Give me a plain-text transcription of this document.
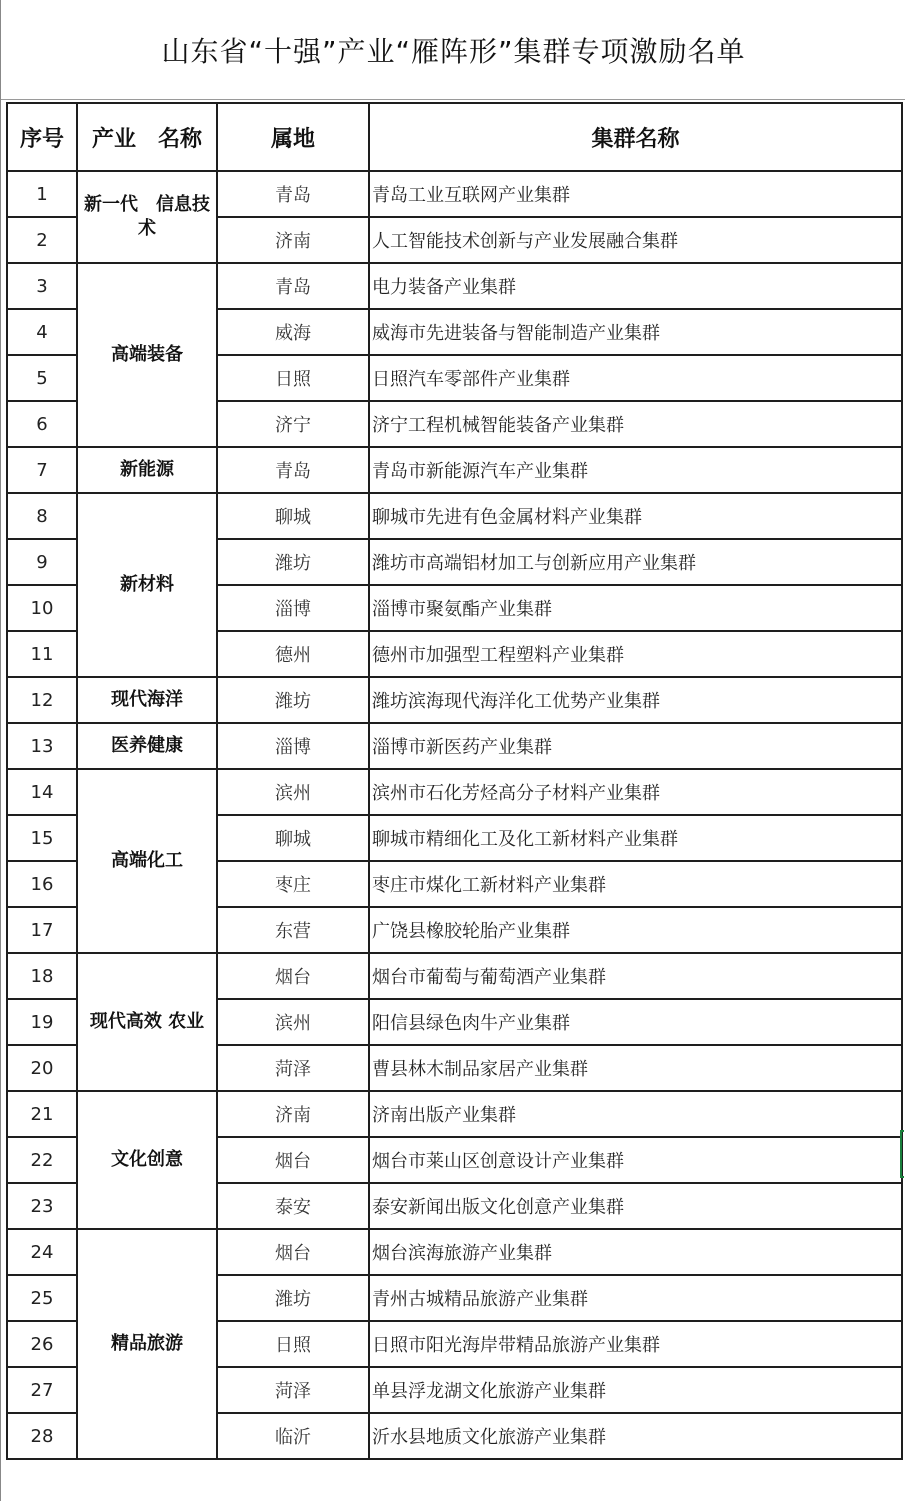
山东省“十强”产业“雁阵形”集群专项激励名单
序号	产业　名称	属地	集群名称
1	新一代　信息技术	青岛	青岛工业互联网产业集群
2		济南	人工智能技术创新与产业发展融合集群
3	高端装备	青岛	电力装备产业集群
4		威海	威海市先进装备与智能制造产业集群
5		日照	日照汽车零部件产业集群
6		济宁	济宁工程机械智能装备产业集群
7	新能源	青岛	青岛市新能源汽车产业集群
8	新材料	聊城	聊城市先进有色金属材料产业集群
9		潍坊	潍坊市高端铝材加工与创新应用产业集群
10		淄博	淄博市聚氨酯产业集群
11		德州	德州市加强型工程塑料产业集群
12	现代海洋	潍坊	潍坊滨海现代海洋化工优势产业集群
13	医养健康	淄博	淄博市新医药产业集群
14	高端化工	滨州	滨州市石化芳烃高分子材料产业集群
15		聊城	聊城市精细化工及化工新材料产业集群
16		枣庄	枣庄市煤化工新材料产业集群
17		东营	广饶县橡胶轮胎产业集群
18	现代高效 农业	烟台	烟台市葡萄与葡萄酒产业集群
19		滨州	阳信县绿色肉牛产业集群
20		菏泽	曹县林木制品家居产业集群
21	文化创意	济南	济南出版产业集群
22		烟台	烟台市莱山区创意设计产业集群
23		泰安	泰安新闻出版文化创意产业集群
24	精品旅游	烟台	烟台滨海旅游产业集群
25		潍坊	青州古城精品旅游产业集群
26		日照	日照市阳光海岸带精品旅游产业集群
27		菏泽	单县浮龙湖文化旅游产业集群
28		临沂	沂水县地质文化旅游产业集群
